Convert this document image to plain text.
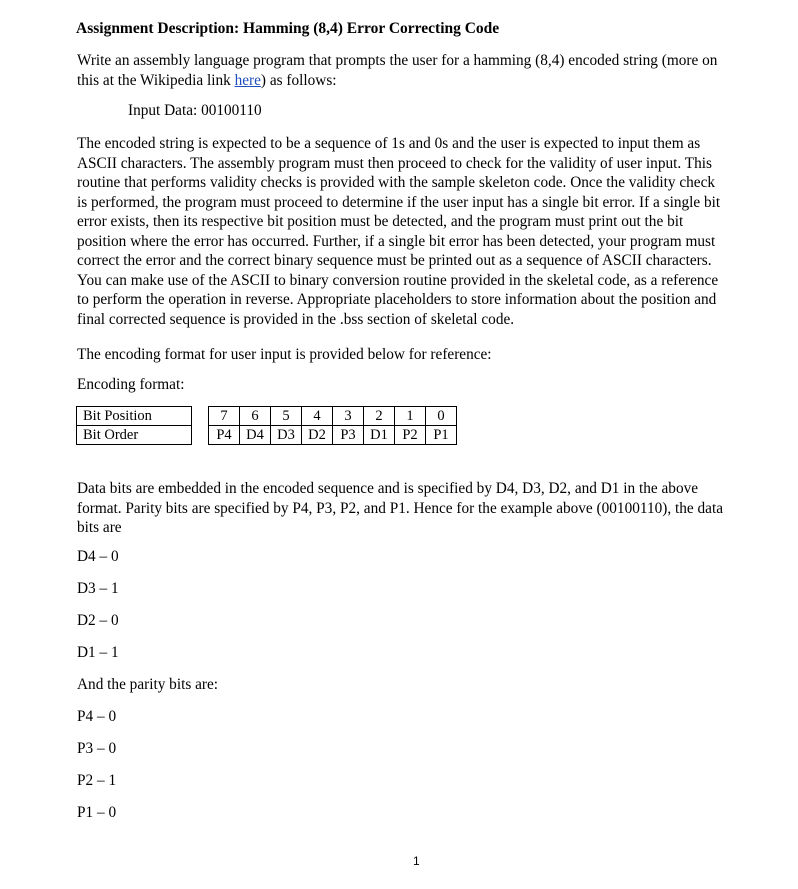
Assignment Description: Hamming (8,4) Error Correcting Code
Write an assembly language program that prompts the user for a hamming (8,4) encoded string (more on
this at the Wikipedia link here) as follows:
Input Data: 00100110
The encoded string is expected to be a sequence of 1s and 0s and the user is expected to input them as
ASCII characters. The assembly program must then proceed to check for the validity of user input. This
routine that performs validity checks is provided with the sample skeleton code. Once the validity check
is performed, the program must proceed to determine if the user input has a single bit error. If a single bit
error exists, then its respective bit position must be detected, and the program must print out the bit
position where the error has occurred. Further, if a single bit error has been detected, your program must
correct the error and the correct binary sequence must be printed out as a sequence of ASCII characters.
You can make use of the ASCII to binary conversion routine provided in the skeletal code, as a reference
to perform the operation in reverse. Appropriate placeholders to store information about the position and
final corrected sequence is provided in the .bss section of skeletal code.
The encoding format for user input is provided below for reference:
Encoding format:
Bit Position		7	6	5	4	3	2	1	0
Bit Order		P4	D4	D3	D2	P3	D1	P2	P1
Data bits are embedded in the encoded sequence and is specified by D4, D3, D2, and D1 in the above
format. Parity bits are specified by P4, P3, P2, and P1. Hence for the example above (00100110), the data
bits are
D4 – 0
D3 – 1
D2 – 0
D1 – 1
And the parity bits are:
P4 – 0
P3 – 0
P2 – 1
P1 – 0
1
